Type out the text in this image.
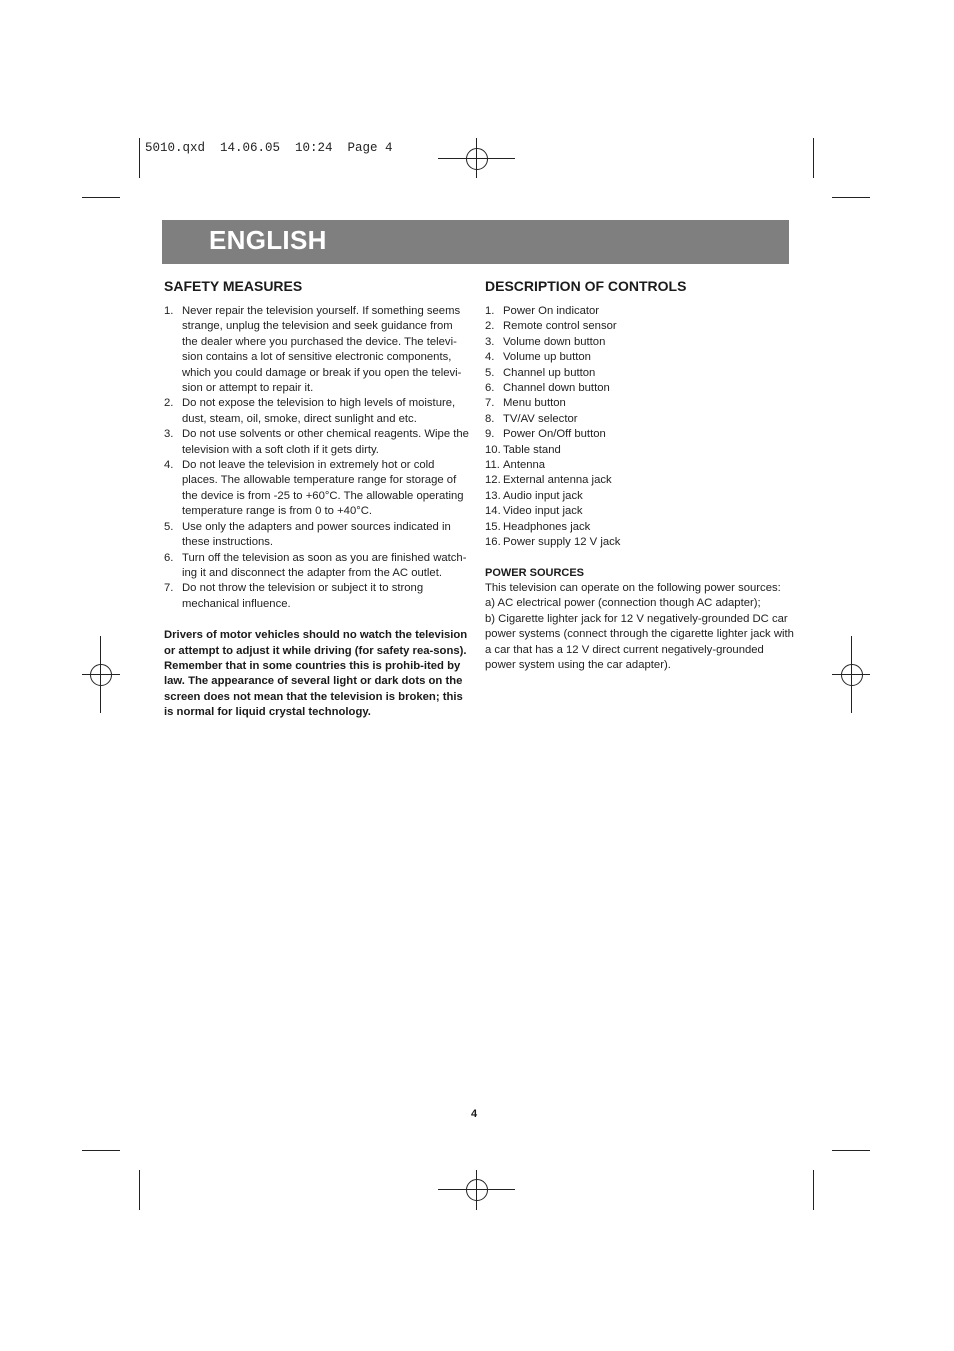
5010.qxd  14.06.05  10:24  Page 4
ENGLISH
SAFETY MEASURES
1. Never repair the television yourself. If something seems strange, unplug the television and seek guidance from the dealer where you purchased the device. The televi-sion contains a lot of sensitive electronic components, which you could damage or break if you open the televi-sion or attempt to repair it.
2. Do not expose the television to high levels of moisture, dust, steam, oil, smoke, direct sunlight and etc.
3. Do not use solvents or other chemical reagents. Wipe the television with a soft cloth if it gets dirty.
4. Do not leave the television in extremely hot or cold places. The allowable temperature range for storage of the device is from -25 to +60°C. The allowable operating temperature range is from 0 to +40°C.
5. Use only the adapters and power sources indicated in these instructions.
6. Turn off the television as soon as you are finished watch-ing it and disconnect the adapter from the AC outlet.
7. Do not throw the television or subject it to strong mechanical influence.

Drivers of motor vehicles should no watch the television or attempt to adjust it while driving (for safety rea-sons). Remember that in some countries this is prohib-ited by law. The appearance of several light or dark dots on the screen does not mean that the television is broken; this is normal for liquid crystal technology.

DESCRIPTION OF CONTROLS
1. Power On indicator
2. Remote control sensor
3. Volume down button
4. Volume up button
5. Channel up button
6. Channel down button
7. Menu button
8. TV/AV selector
9. Power On/Off button
10. Table stand
11. Antenna
12. External antenna jack
13. Audio input jack
14. Video input jack
15. Headphones jack
16. Power supply 12 V jack
POWER SOURCES
This television can operate on the following power sources:
a) AC electrical power (connection though AC adapter);
b) Cigarette lighter jack for 12 V negatively-grounded DC car power systems (connect through the cigarette lighter jack with a car that has a 12 V direct current negatively-grounded power system using the car adapter).
4
